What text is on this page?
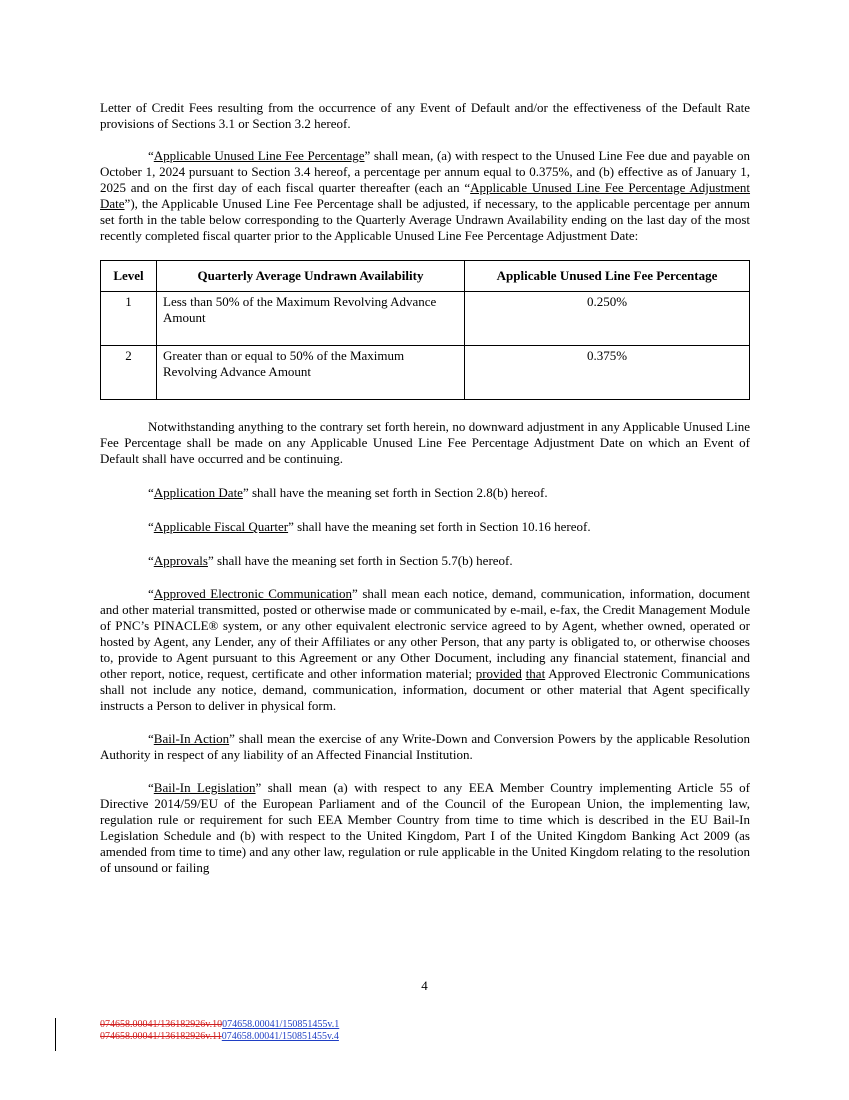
Letter of Credit Fees resulting from the occurrence of any Event of Default and/or the effectiveness of the Default Rate provisions of Sections 3.1 or Section 3.2 hereof.

“Applicable Unused Line Fee Percentage” shall mean, (a) with respect to the Unused Line Fee due and payable on October 1, 2024 pursuant to Section 3.4 hereof, a percentage per annum equal to 0.375%, and (b) effective as of January 1, 2025 and on the first day of each fiscal quarter thereafter (each an “Applicable Unused Line Fee Percentage Adjustment Date”), the Applicable Unused Line Fee Percentage shall be adjusted, if necessary, to the applicable percentage per annum set forth in the table below corresponding to the Quarterly Average Undrawn Availability ending on the last day of the most recently completed fiscal quarter prior to the Applicable Unused Line Fee Percentage Adjustment Date:

Level	Quarterly Average Undrawn Availability	Applicable Unused Line Fee Percentage
1	Less than 50% of the Maximum Revolving Advance Amount	0.250%
2	Greater than or equal to 50% of the Maximum Revolving Advance Amount	0.375%

Notwithstanding anything to the contrary set forth herein, no downward adjustment in any Applicable Unused Line Fee Percentage shall be made on any Applicable Unused Line Fee Percentage Adjustment Date on which an Event of Default shall have occurred and be continuing.

“Application Date” shall have the meaning set forth in Section 2.8(b) hereof.

“Applicable Fiscal Quarter” shall have the meaning set forth in Section 10.16 hereof.

“Approvals” shall have the meaning set forth in Section 5.7(b) hereof.

“Approved Electronic Communication” shall mean each notice, demand, communication, information, document and other material transmitted, posted or otherwise made or communicated by e-mail, e-fax, the Credit Management Module of PNC’s PINACLE® system, or any other equivalent electronic service agreed to by Agent, whether owned, operated or hosted by Agent, any Lender, any of their Affiliates or any other Person, that any party is obligated to, or otherwise chooses to, provide to Agent pursuant to this Agreement or any Other Document, including any financial statement, financial and other report, notice, request, certificate and other information material; provided that Approved Electronic Communications shall not include any notice, demand, communication, information, document or other material that Agent specifically instructs a Person to deliver in physical form.

“Bail-In Action” shall mean the exercise of any Write-Down and Conversion Powers by the applicable Resolution Authority in respect of any liability of an Affected Financial Institution.

“Bail-In Legislation” shall mean (a) with respect to any EEA Member Country implementing Article 55 of Directive 2014/59/EU of the European Parliament and of the Council of the European Union, the implementing law, regulation rule or requirement for such EEA Member Country from time to time which is described in the EU Bail-In Legislation Schedule and (b) with respect to the United Kingdom, Part I of the United Kingdom Banking Act 2009 (as amended from time to time) and any other law, regulation or rule applicable in the United Kingdom relating to the resolution of unsound or failing

4
074658.00041/136182926v.10074658.00041/150851455v.1
074658.00041/136182926v.11074658.00041/150851455v.4
